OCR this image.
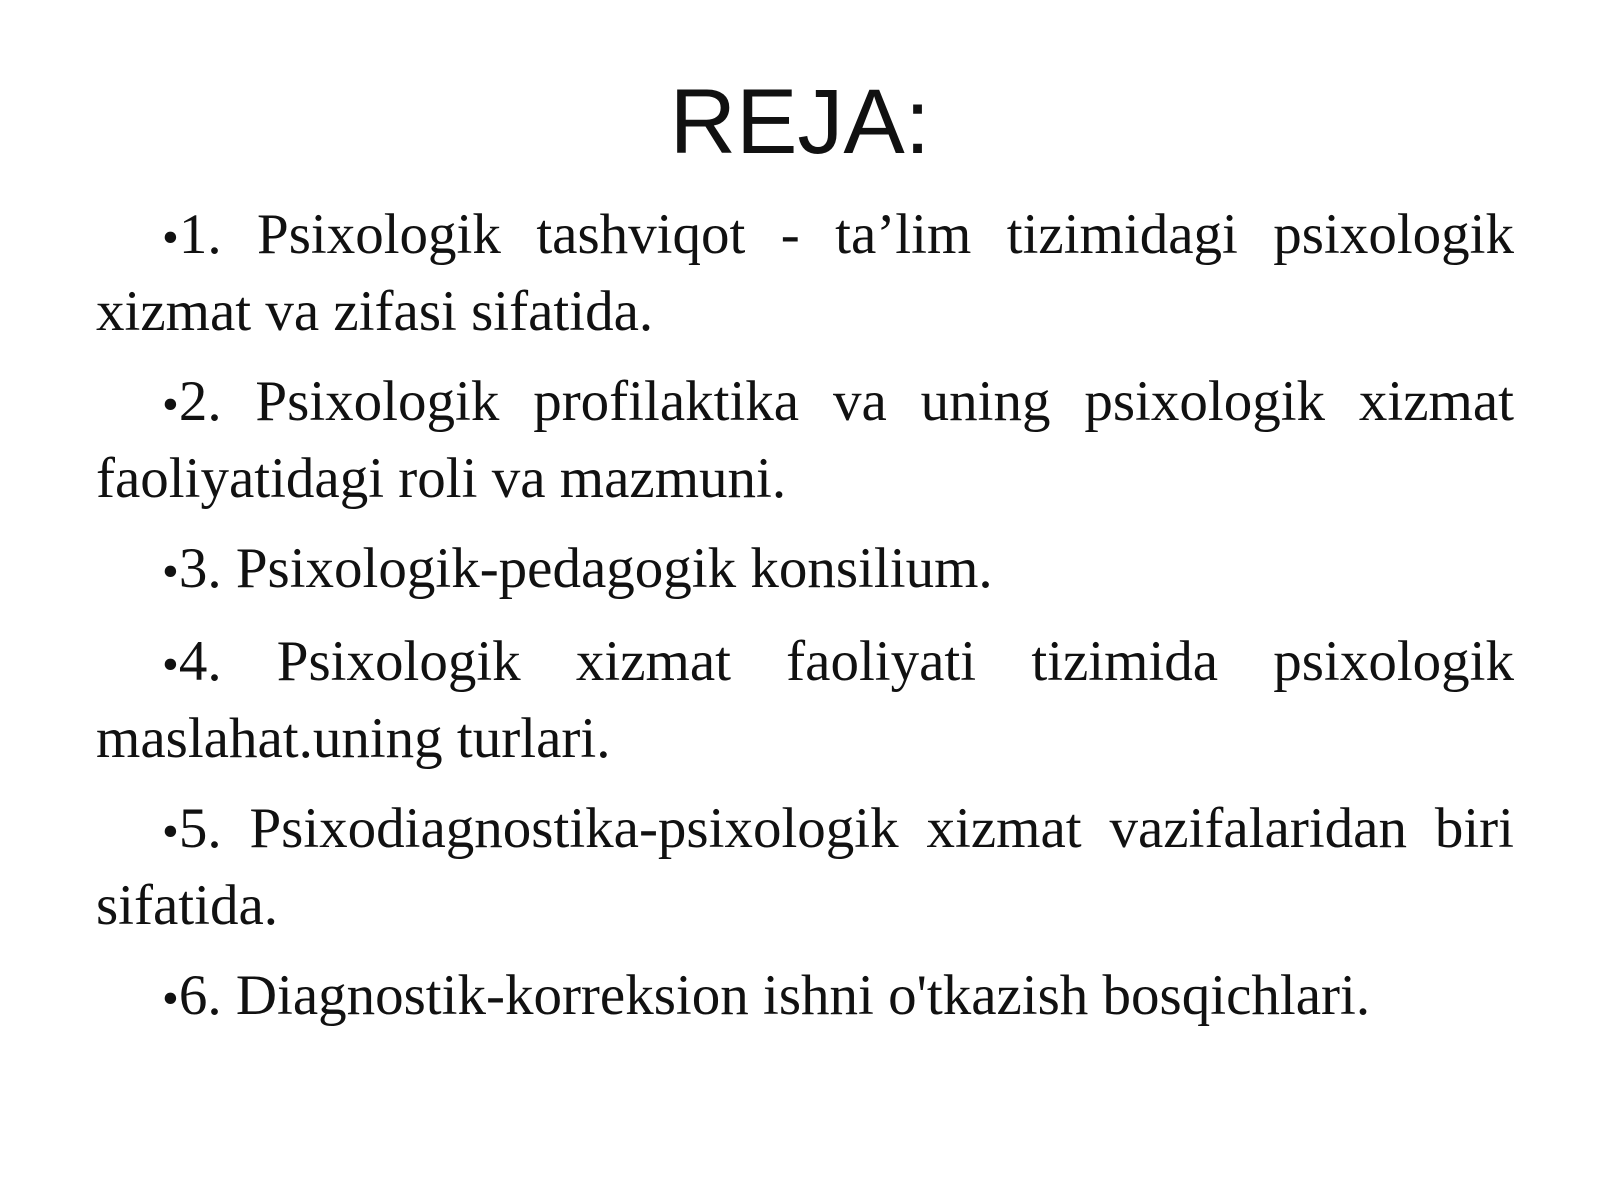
REJA:
•1. Psixologik tashviqot - ta’lim tizimidagi psixologik xizmat va zifasi sifatida.
•2. Psixologik profilaktika va uning psixologik xizmat faoliyatidagi roli va mazmuni.
•3. Psixologik-pedagogik konsilium.
•4. Psixologik xizmat faoliyati tizimida psixologik maslahat.uning turlari.
•5. Psixodiagnostika-psixologik xizmat vazifalaridan biri sifatida.
•6. Diagnostik-korreksion ishni o'tkazish bosqichlari.
